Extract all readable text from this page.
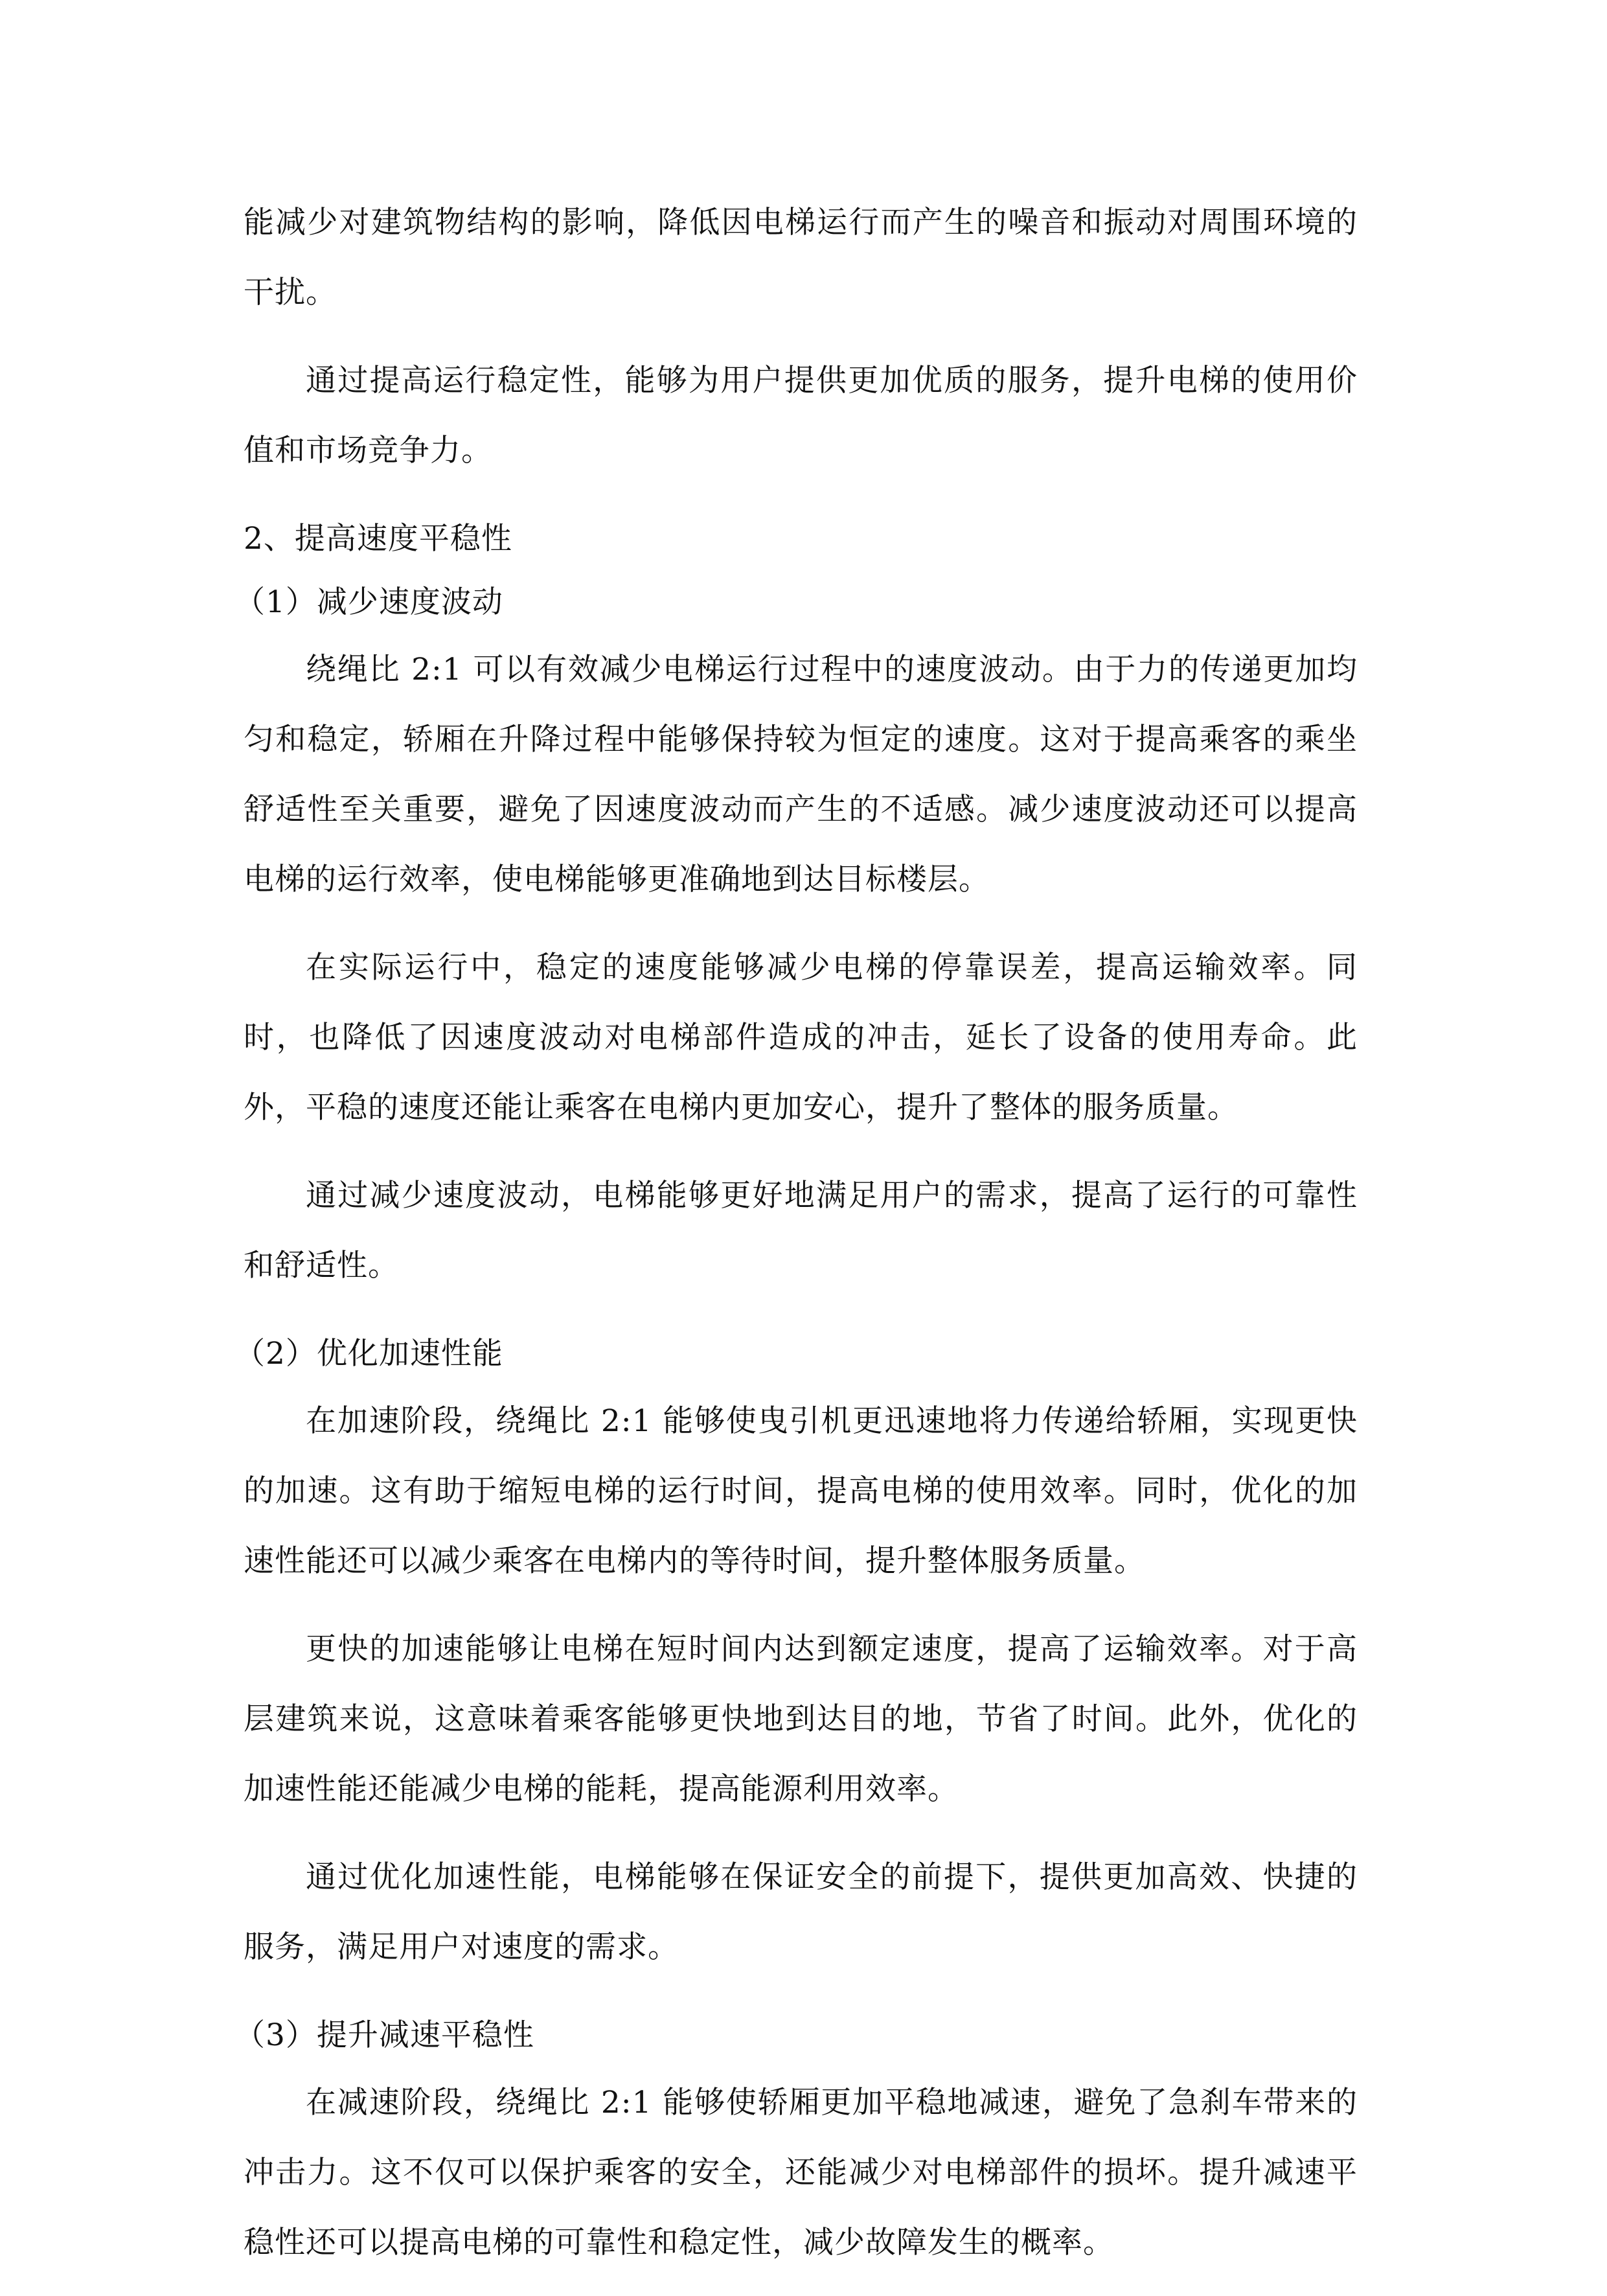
能减少对建筑物结构的影响，降低因电梯运行而产生的噪音和振动对周围环境的干扰。

通过提高运行稳定性，能够为用户提供更加优质的服务，提升电梯的使用价值和市场竞争力。

2、提高速度平稳性

（1）减少速度波动

绕绳比 2:1 可以有效减少电梯运行过程中的速度波动。由于力的传递更加均匀和稳定，轿厢在升降过程中能够保持较为恒定的速度。这对于提高乘客的乘坐舒适性至关重要，避免了因速度波动而产生的不适感。减少速度波动还可以提高电梯的运行效率，使电梯能够更准确地到达目标楼层。

在实际运行中，稳定的速度能够减少电梯的停靠误差，提高运输效率。同时，也降低了因速度波动对电梯部件造成的冲击，延长了设备的使用寿命。此外，平稳的速度还能让乘客在电梯内更加安心，提升了整体的服务质量。

通过减少速度波动，电梯能够更好地满足用户的需求，提高了运行的可靠性和舒适性。

（2）优化加速性能

在加速阶段，绕绳比 2:1 能够使曳引机更迅速地将力传递给轿厢，实现更快的加速。这有助于缩短电梯的运行时间，提高电梯的使用效率。同时，优化的加速性能还可以减少乘客在电梯内的等待时间，提升整体服务质量。

更快的加速能够让电梯在短时间内达到额定速度，提高了运输效率。对于高层建筑来说，这意味着乘客能够更快地到达目的地，节省了时间。此外，优化的加速性能还能减少电梯的能耗，提高能源利用效率。

通过优化加速性能，电梯能够在保证安全的前提下，提供更加高效、快捷的服务，满足用户对速度的需求。

（3）提升减速平稳性

在减速阶段，绕绳比 2:1 能够使轿厢更加平稳地减速，避免了急刹车带来的冲击力。这不仅可以保护乘客的安全，还能减少对电梯部件的损坏。提升减速平稳性还可以提高电梯的可靠性和稳定性，减少故障发生的概率。
